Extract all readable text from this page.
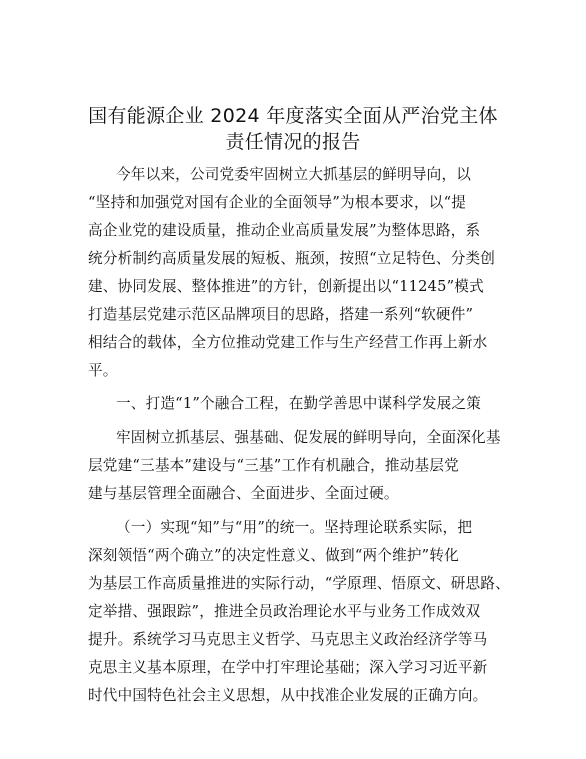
国有能源企业 2024 年度落实全面从严治党主体
责任情况的报告
今年以来，公司党委牢固树立大抓基层的鲜明导向，以
“坚持和加强党对国有企业的全面领导”为根本要求，以“提
高企业党的建设质量，推动企业高质量发展”为整体思路，系
统分析制约高质量发展的短板、瓶颈，按照“立足特色、分类创
建、协同发展、整体推进”的方针，创新提出以“11245”模式
打造基层党建示范区品牌项目的思路，搭建一系列“软硬件”
相结合的载体，全方位推动党建工作与生产经营工作再上新水
平。
一、打造“1”个融合工程，在勤学善思中谋科学发展之策
牢固树立抓基层、强基础、促发展的鲜明导向，全面深化基
层党建“三基本”建设与“三基”工作有机融合，推动基层党
建与基层管理全面融合、全面进步、全面过硬。
（一）实现“知”与“用”的统一。坚持理论联系实际，把
深刻领悟“两个确立”的决定性意义、做到“两个维护”转化
为基层工作高质量推进的实际行动，“学原理、悟原文、研思路、
定举措、强跟踪”，推进全员政治理论水平与业务工作成效双
提升。系统学习马克思主义哲学、马克思主义政治经济学等马
克思主义基本原理，在学中打牢理论基础；深入学习习近平新
时代中国特色社会主义思想，从中找准企业发展的正确方向。
